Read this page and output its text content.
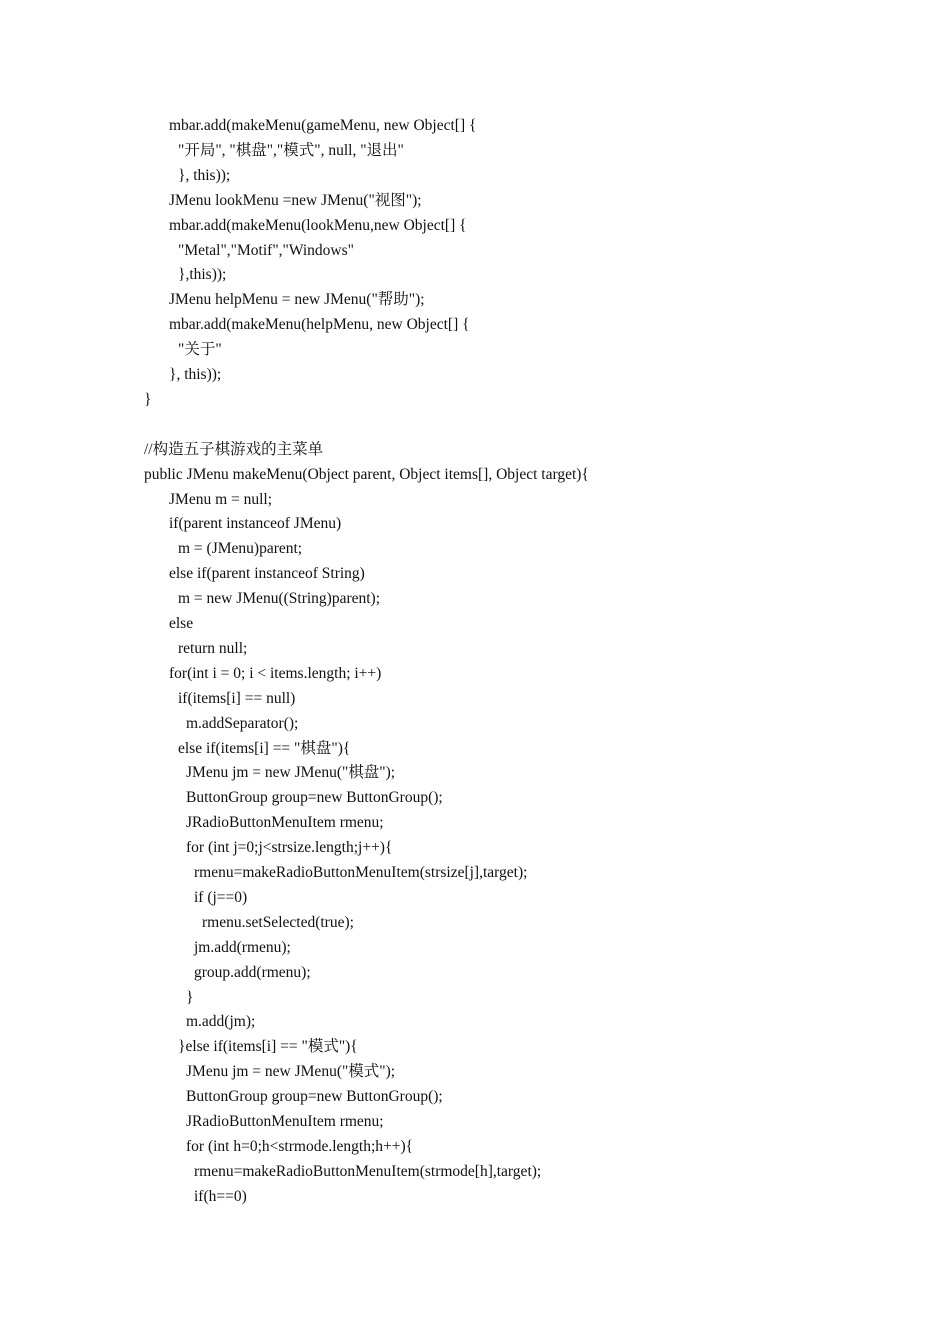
mbar.add(makeMenu(gameMenu, new Object[] {
"开局", "棋盘","模式", null, "退出"
}, this));
JMenu lookMenu =new JMenu("视图");
mbar.add(makeMenu(lookMenu,new Object[] {
"Metal","Motif","Windows"
},this));
JMenu helpMenu = new JMenu("帮助");
mbar.add(makeMenu(helpMenu, new Object[] {
"关于"
}, this));
}
//构造五子棋游戏的主菜单
public JMenu makeMenu(Object parent, Object items[], Object target){
JMenu m = null;
if(parent instanceof JMenu)
m = (JMenu)parent;
else if(parent instanceof String)
m = new JMenu((String)parent);
else
return null;
for(int i = 0; i < items.length; i++)
if(items[i] == null)
m.addSeparator();
else if(items[i] == "棋盘"){
JMenu jm = new JMenu("棋盘");
ButtonGroup group=new ButtonGroup();
JRadioButtonMenuItem rmenu;
for (int j=0;j<strsize.length;j++){
rmenu=makeRadioButtonMenuItem(strsize[j],target);
if (j==0)
rmenu.setSelected(true);
jm.add(rmenu);
group.add(rmenu);
}
m.add(jm);
}else if(items[i] == "模式"){
JMenu jm = new JMenu("模式");
ButtonGroup group=new ButtonGroup();
JRadioButtonMenuItem rmenu;
for (int h=0;h<strmode.length;h++){
rmenu=makeRadioButtonMenuItem(strmode[h],target);
if(h==0)
